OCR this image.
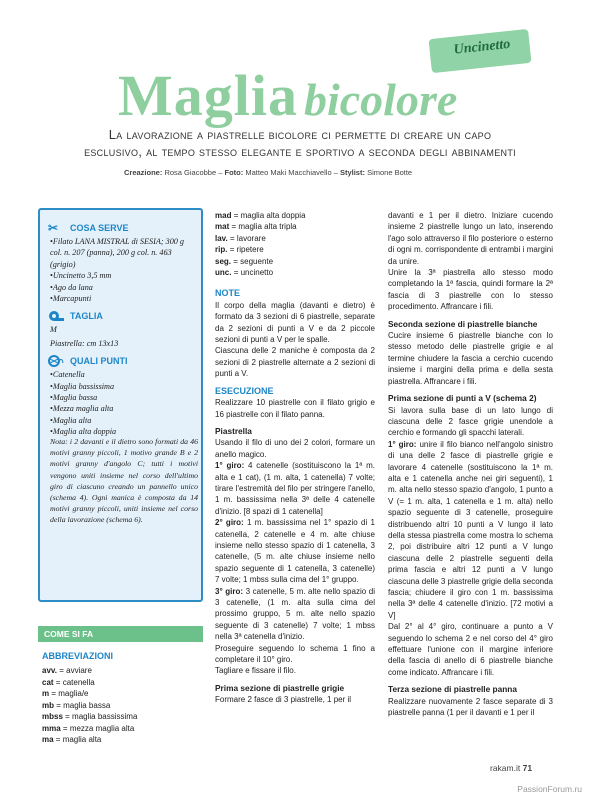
Uncinetto
Maglia bicolore
La lavorazione a piastrelle bicolore ci permette di creare un capo esclusivo, al tempo stesso elegante e sportivo a seconda degli abbinamenti
Creazione: Rosa Giacobbe – Foto: Matteo Maki Macchiavello – Stylist: Simone Botte
✂	COSA SERVE
• Filato LANA MISTRAL di SESIA; 300 g col. n. 207 (panna), 200 g col. n. 463 (grigio)
• Uncinetto 3,5 mm
• Ago da lana
• Marcapunti
TAGLIA

M

Piastrella: cm 13x13

QUALI PUNTI
• Catenella
• Maglia bassissima
• Maglia bassa
• Mezza maglia alta
• Maglia alta
• Maglia alta doppia
Nota: i 2 davanti e il dietro sono formati da 46 motivi granny piccoli, 1 motivo grande B e 2 motivi granny d'angolo C; tutti i motivi vengono uniti insieme nel corso dell'ultimo giro di ciascuno creando un pannello unico (schema 4). Ogni manica è composta da 14 motivi granny piccoli, uniti insieme nel corso della lavorazione (schema 6).
COME SI FA
ABBREVIAZIONI
avv. = avviare
cat = catenella
m = maglia/e
mb = maglia bassa
mbss = maglia bassissima
mma = mezza maglia alta
ma = maglia alta
mad = maglia alta doppia
mat = maglia alta tripla
lav. = lavorare
rip. = ripetere
seg. = seguente
unc. = uncinetto

NOTE

Il corpo della maglia (davanti e dietro) è formato da 3 sezioni di 6 piastrelle, separate da 2 sezioni di punti a V e da 2 piccole sezioni di punti a V per le spalle.

Ciascuna delle 2 maniche è composta da 2 sezioni di 2 piastrelle alternate a 2 sezioni di punti a V.

ESECUZIONE

Realizzare 10 piastrelle con il filato grigio e 16 piastrelle con il filato panna.

Piastrella

Usando il filo di uno dei 2 colori, formare un anello magico.

1° giro: 4 catenelle (sostituiscono la 1ª m. alta e 1 cat), (1 m. alta, 1 catenella) 7 volte; tirare l'estremità del filo per stringere l'anello, 1 m. bassissima nella 3ª delle 4 catenelle d'inizio. [8 spazi di 1 catenella]

2° giro: 1 m. bassissima nel 1° spazio di 1 catenella, 2 catenelle e 4 m. alte chiuse insieme nello stesso spazio di 1 catenella, 3 catenelle, (5 m. alte chiuse insieme nello spazio seguente di 1 catenella, 3 catenelle) 7 volte; 1 mbss sulla cima del 1° gruppo.

3° giro: 3 catenelle, 5 m. alte nello spazio di 3 catenelle, (1 m. alta sulla cima del prossimo gruppo, 5 m. alte nello spazio seguente di 3 catenelle) 7 volte; 1 mbss nella 3ª catenella d'inizio.

Proseguire seguendo lo schema 1 fino a completare il 10° giro.

Tagliare e fissare il filo.

Prima sezione di piastrelle grigie

Formare 2 fasce di 3 piastrelle, 1 per il

davanti e 1 per il dietro. Iniziare cucendo insieme 2 piastrelle lungo un lato, inserendo l'ago solo attraverso il filo posteriore o esterno di ogni m. corrispondente di entrambi i margini da unire.

Unire la 3ª piastrella allo stesso modo completando la 1ª fascia, quindi formare la 2ª fascia di 3 piastrelle con lo stesso procedimento. Affrancare i fili.

Seconda sezione di piastrelle bianche

Cucire insieme 6 piastrelle bianche con lo stesso metodo delle piastrelle grigie e al termine chiudere la fascia a cerchio cucendo insieme i margini della prima e della sesta piastrella. Affrancare i fili.

Prima sezione di punti a V (schema 2)

Si lavora sulla base di un lato lungo di ciascuna delle 2 fasce grigie unendole a cerchio e formando gli spacchi laterali.

1° giro: unire il filo bianco nell'angolo sinistro di una delle 2 fasce di piastrelle grigie e lavorare 4 catenelle (sostituiscono la 1ª m. alta e 1 catenella anche nei giri seguenti), 1 m. alta nello stesso spazio d'angolo, 1 punto a V (= 1 m. alta, 1 catenella e 1 m. alta) nello spazio seguente di 3 catenelle, proseguire distribuendo altri 10 punti a V lungo il lato della stessa piastrella come mostra lo schema 2, poi distribuire altri 12 punti a V lungo ciascuna delle 2 piastrelle seguenti della prima fascia e altri 12 punti a V lungo ciascuna delle 3 piastrelle grigie della seconda fascia; chiudere il giro con 1 m. bassissima nella 3ª delle 4 catenelle d'inizio. [72 motivi a V]

Dal 2° al 4° giro, continuare a punto a V seguendo lo schema 2 e nel corso del 4° giro effettuare l'unione con il margine inferiore della fascia di anello di 6 piastrelle bianche come indicato. Affrancare i fili.

Terza sezione di piastrelle panna

Realizzare nuovamente 2 fasce separate di 3 piastrelle panna (1 per il davanti e 1 per il

rakam.it 71
PassionForum.ru
